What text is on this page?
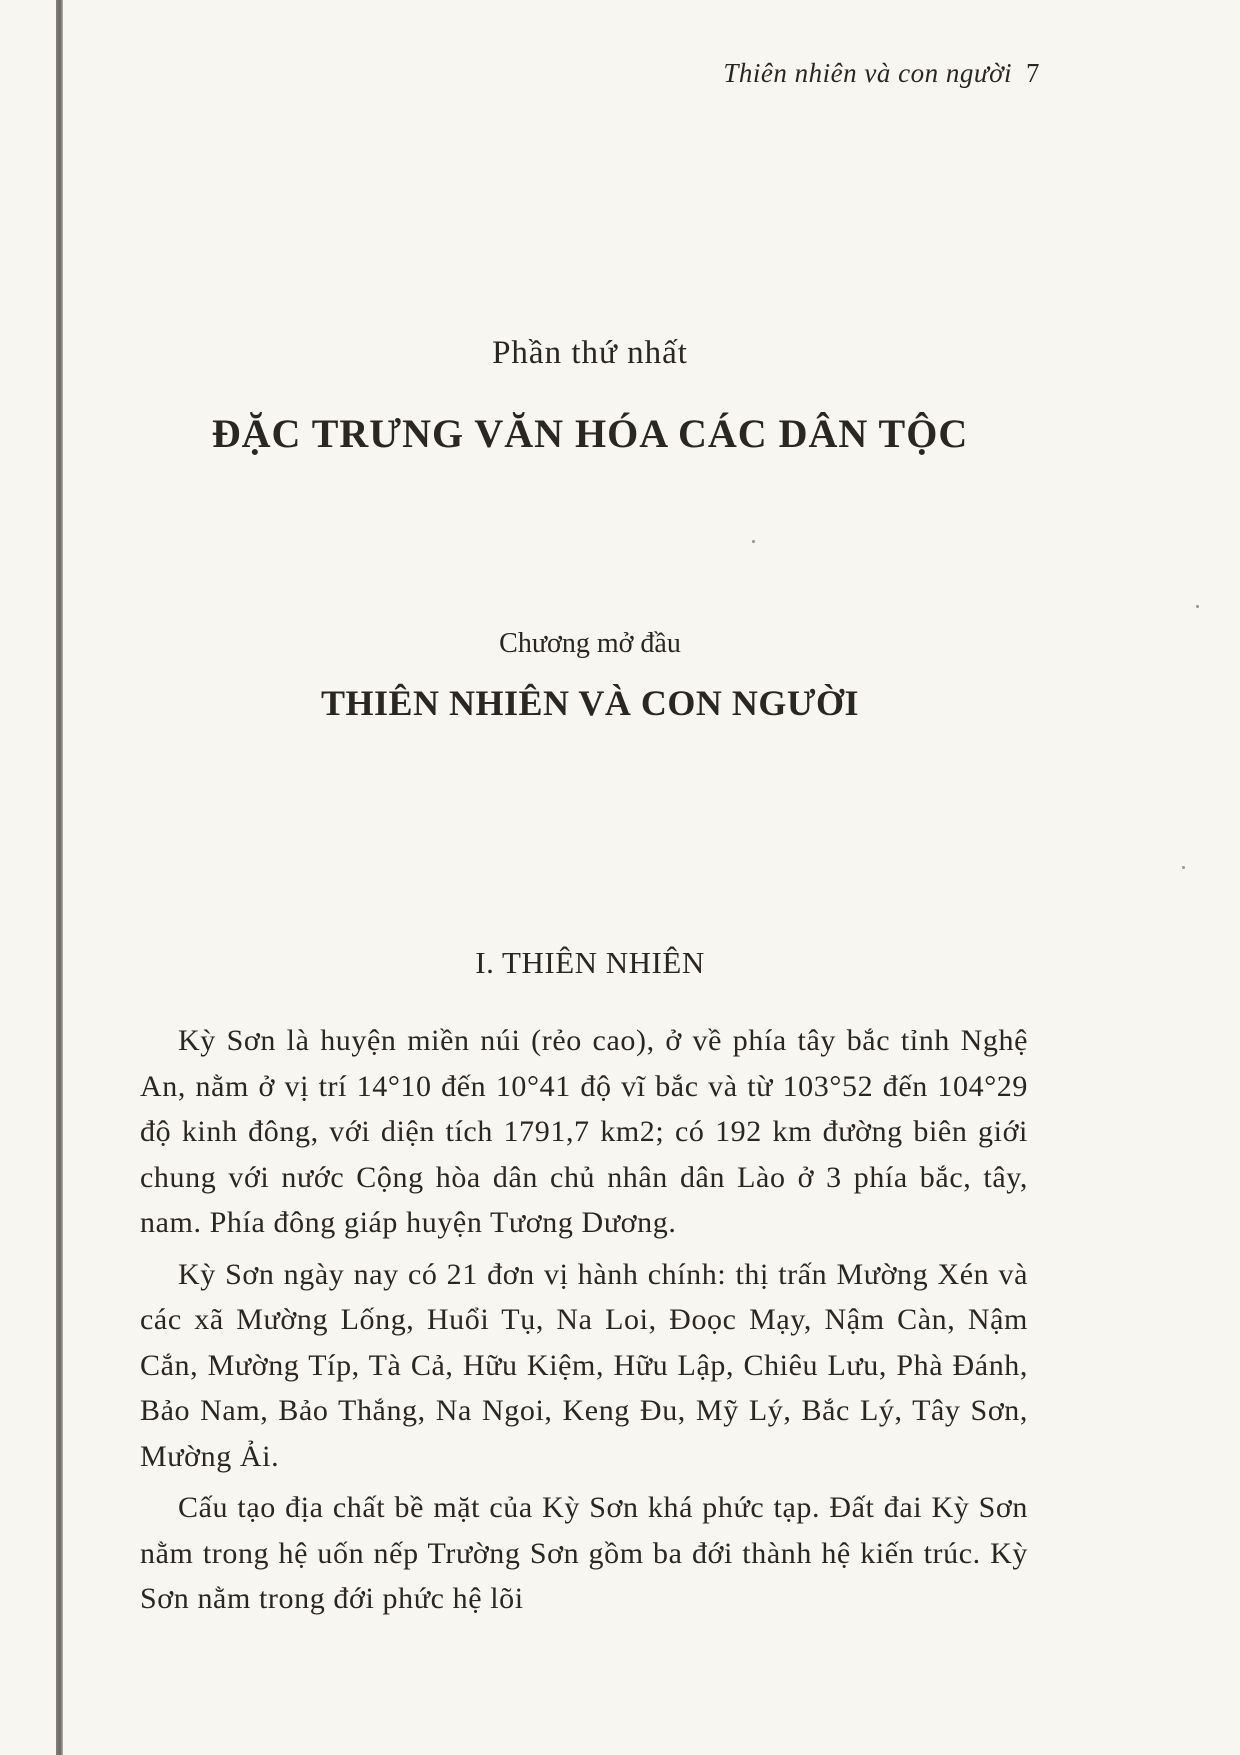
Thiên nhiên và con người 7
Phần thứ nhất
ĐẶC TRƯNG VĂN HÓA CÁC DÂN TỘC
Chương mở đầu
THIÊN NHIÊN VÀ CON NGƯỜI
I. THIÊN NHIÊN

Kỳ Sơn là huyện miền núi (rẻo cao), ở về phía tây bắc tỉnh Nghệ An, nằm ở vị trí 14°10 đến 10°41 độ vĩ bắc và từ 103°52 đến 104°29 độ kinh đông, với diện tích 1791,7 km2; có 192 km đường biên giới chung với nước Cộng hòa dân chủ nhân dân Lào ở 3 phía bắc, tây, nam. Phía đông giáp huyện Tương Dương.

Kỳ Sơn ngày nay có 21 đơn vị hành chính: thị trấn Mường Xén và các xã Mường Lống, Huổi Tụ, Na Loi, Đoọc Mạy, Nậm Càn, Nậm Cắn, Mường Típ, Tà Cả, Hữu Kiệm, Hữu Lập, Chiêu Lưu, Phà Đánh, Bảo Nam, Bảo Thắng, Na Ngoi, Keng Đu, Mỹ Lý, Bắc Lý, Tây Sơn, Mường Ải.

Cấu tạo địa chất bề mặt của Kỳ Sơn khá phức tạp. Đất đai Kỳ Sơn nằm trong hệ uốn nếp Trường Sơn gồm ba đới thành hệ kiến trúc. Kỳ Sơn nằm trong đới phức hệ lõi
